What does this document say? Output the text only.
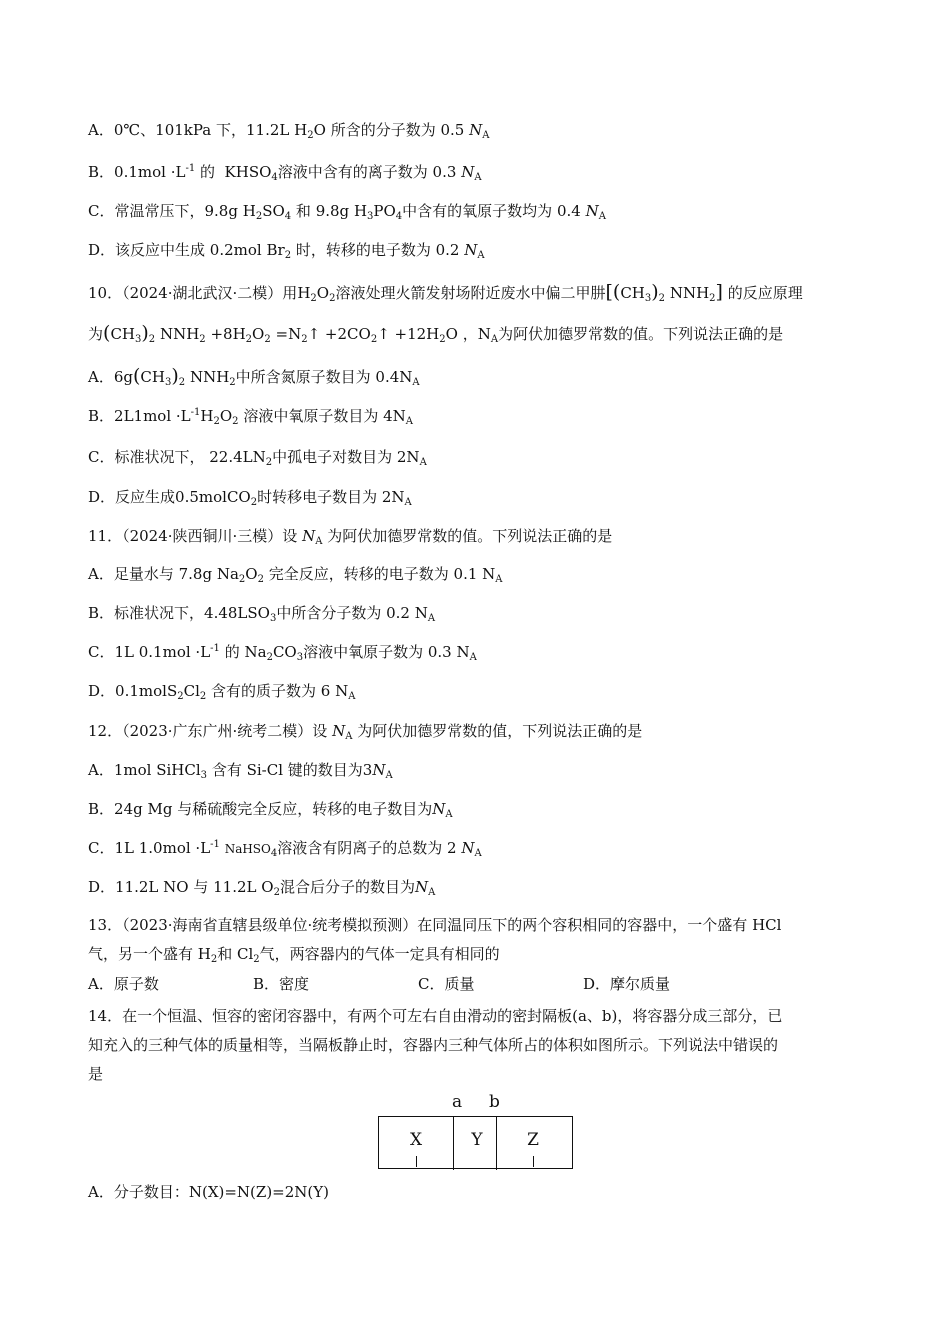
A．0℃、101kPa 下，11.2L $H_2O$ 所含的分子数为 0.5 $N_A$
B．$0.1mol \cdot L^{-1}$ 的 $KHSO_4$溶液中含有的离子数为 0.3 $N_A$
C．常温常压下，9.8g $H_2SO_4$ 和 9.8g $H_3PO_4$中含有的氧原子数均为 0.4 $N_A$
D．该反应中生成 0.2mol $Br_2$ 时，转移的电子数为 0.2 $N_A$
10．（2024·湖北武汉·二模）用$H_2O_2$溶液处理火箭发射场附近废水中偏二甲肼[$(CH_3)_2$ $NNH_2$] 的反应原理
为$(CH_3)_2$ $NNH_2 +8H_2O_2$ $=N_2↑$ $+2CO_2↑ +12H_2O$ ，$N_A$为阿伏加德罗常数的值。下列说法正确的是
A．$6g(CH_3)_2$ $NNH_2$中所含氮原子数目为 $0.4N_A$
B．$2L1mol \cdot L^{-1}H_2O_2$ 溶液中氧原子数目为 $4N_A$
C．标准状况下， $22.4LN_2$中孤电子对数目为 $2N_A$
D．反应生成0.5molCO$_2$时转移电子数目为 $2N_A$
11．（2024·陕西铜川·三模）设 $N_A$ 为阿伏加德罗常数的值。下列说法正确的是
A．足量水与 7.8g $Na_2O_2$ 完全反应，转移的电子数为 0.1 $N_A$
B．标准状况下，$4.48LSO_3$中所含分子数为 0.2 $N_A$
C．1L $0.1mol \cdot L^{-1}$ 的 $Na_2CO_3$溶液中氧原子数为 0.3 $N_A$
D．$0.1molS_2Cl_2$ 含有的质子数为 6 $N_A$
12．（2023·广东广州·统考二模）设 $N_A$ 为阿伏加德罗常数的值，下列说法正确的是
A．1mol SiHCl$_3$ 含有 Si-Cl 键的数目为$3N_A$
B．24g Mg 与稀硫酸完全反应，转移的电子数目为$N_A$
C．1L $1.0mol \cdot L^{-1}$ NaHSO$_4$溶液含有阴离子的总数为 2 $N_A$
D．11.2L NO 与 11.2L $O_2$混合后分子的数目为$N_A$
13．（2023·海南省直辖县级单位·统考模拟预测）在同温同压下的两个容积相同的容器中，一个盛有 HCl
气，另一个盛有 $H_2$和 $Cl_2$气，两容器内的气体一定具有相同的
A．原子数	B．密度	C．质量	D．摩尔质量
14．在一个恒温、恒容的密闭容器中，有两个可左右自由滑动的密封隔板(a、b)，将容器分成三部分，已
知充入的三种气体的质量相等，当隔板静止时，容器内三种气体所占的体积如图所示。下列说法中错误的
是
a b
X	Y	Z
A．分子数目：N(X)=N(Z)=2N(Y)
